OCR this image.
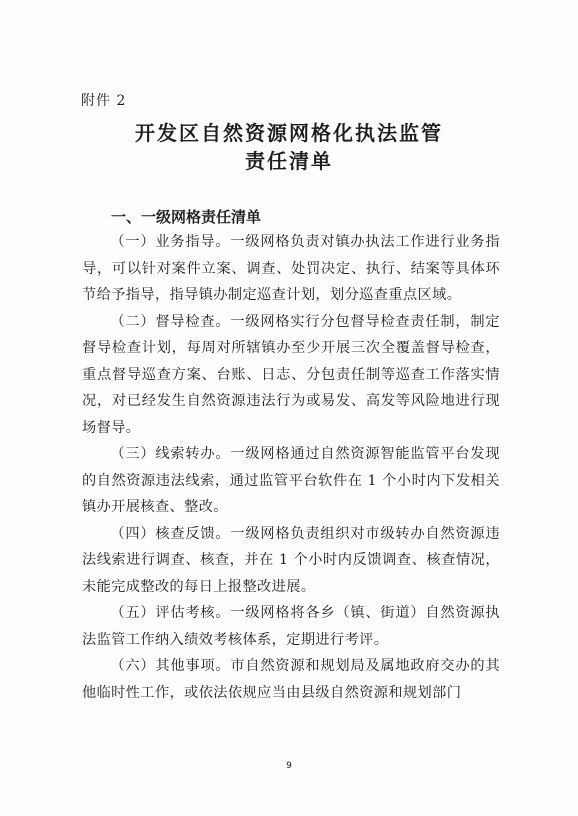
附件 2
开发区自然资源网格化执法监管
责任清单
一、一级网格责任清单

（一）业务指导。一级网格负责对镇办执法工作进行业务指导，可以针对案件立案、调查、处罚决定、执行、结案等具体环节给予指导，指导镇办制定巡查计划，划分巡查重点区域。

（二）督导检查。一级网格实行分包督导检查责任制，制定督导检查计划，每周对所辖镇办至少开展三次全覆盖督导检查，重点督导巡查方案、台账、日志、分包责任制等巡查工作落实情况，对已经发生自然资源违法行为或易发、高发等风险地进行现场督导。

（三）线索转办。一级网格通过自然资源智能监管平台发现的自然资源违法线索，通过监管平台软件在 1 个小时内下发相关镇办开展核查、整改。

（四）核查反馈。一级网格负责组织对市级转办自然资源违法线索进行调查、核查，并在 1 个小时内反馈调查、核查情况，未能完成整改的每日上报整改进展。

（五）评估考核。一级网格将各乡（镇、街道）自然资源执法监管工作纳入绩效考核体系，定期进行考评。

（六）其他事项。市自然资源和规划局及属地政府交办的其他临时性工作，或依法依规应当由县级自然资源和规划部门

9
